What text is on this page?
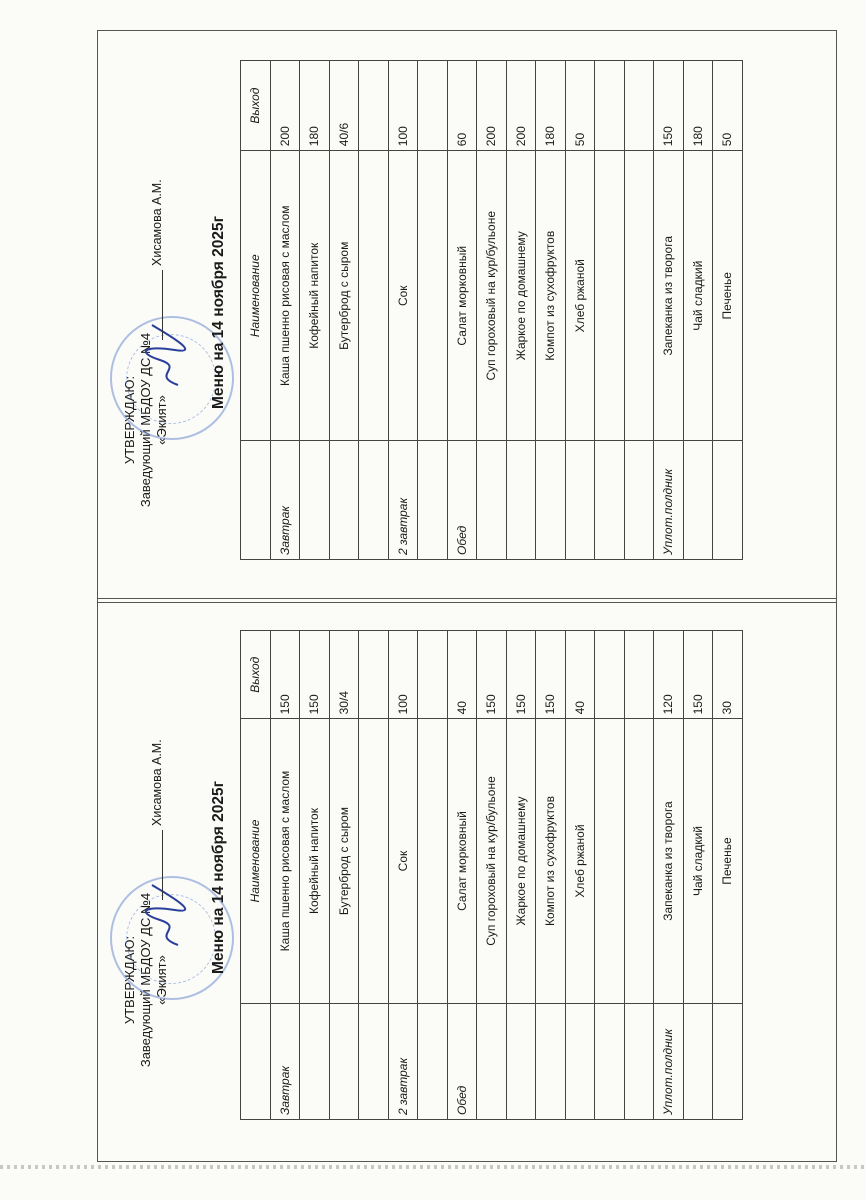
УТВЕРЖДАЮ: Заведующий МБДОУ ДС №4 «Экият»
Хисамова А.М.	Меню на 14 ноября 2025г
	Наименование	Выход
Завтрак	Каша пшенно рисовая с маслом	200
	Кофейный напиток	180
	Бутерброд с сыром	40/6

2 завтрак	Сок	100

Обед	Салат морковный	60
	Суп гороховый на кур/бульоне	200
	Жаркое по домашнему	200
	Компот из сухофруктов	180
	Хлеб ржаной	50

Уплот.полдник	Запеканка из творога	150
	Чай сладкий	180
	Печенье	50
УТВЕРЖДАЮ: Заведующий МБДОУ ДС №4 «Экият»
Хисамова А.М.	Меню на 14 ноября 2025г
	Наименование	Выход
Завтрак	Каша пшенно рисовая с маслом	150
	Кофейный напиток	150
	Бутерброд с сыром	30/4

2 завтрак	Сок	100

Обед	Салат морковный	40
	Суп гороховый на кур/бульоне	150
	Жаркое по домашнему	150
	Компот из сухофруктов	150
	Хлеб ржаной	40

Уплот.полдник	Запеканка из творога	120
	Чай сладкий	150
	Печенье	30
